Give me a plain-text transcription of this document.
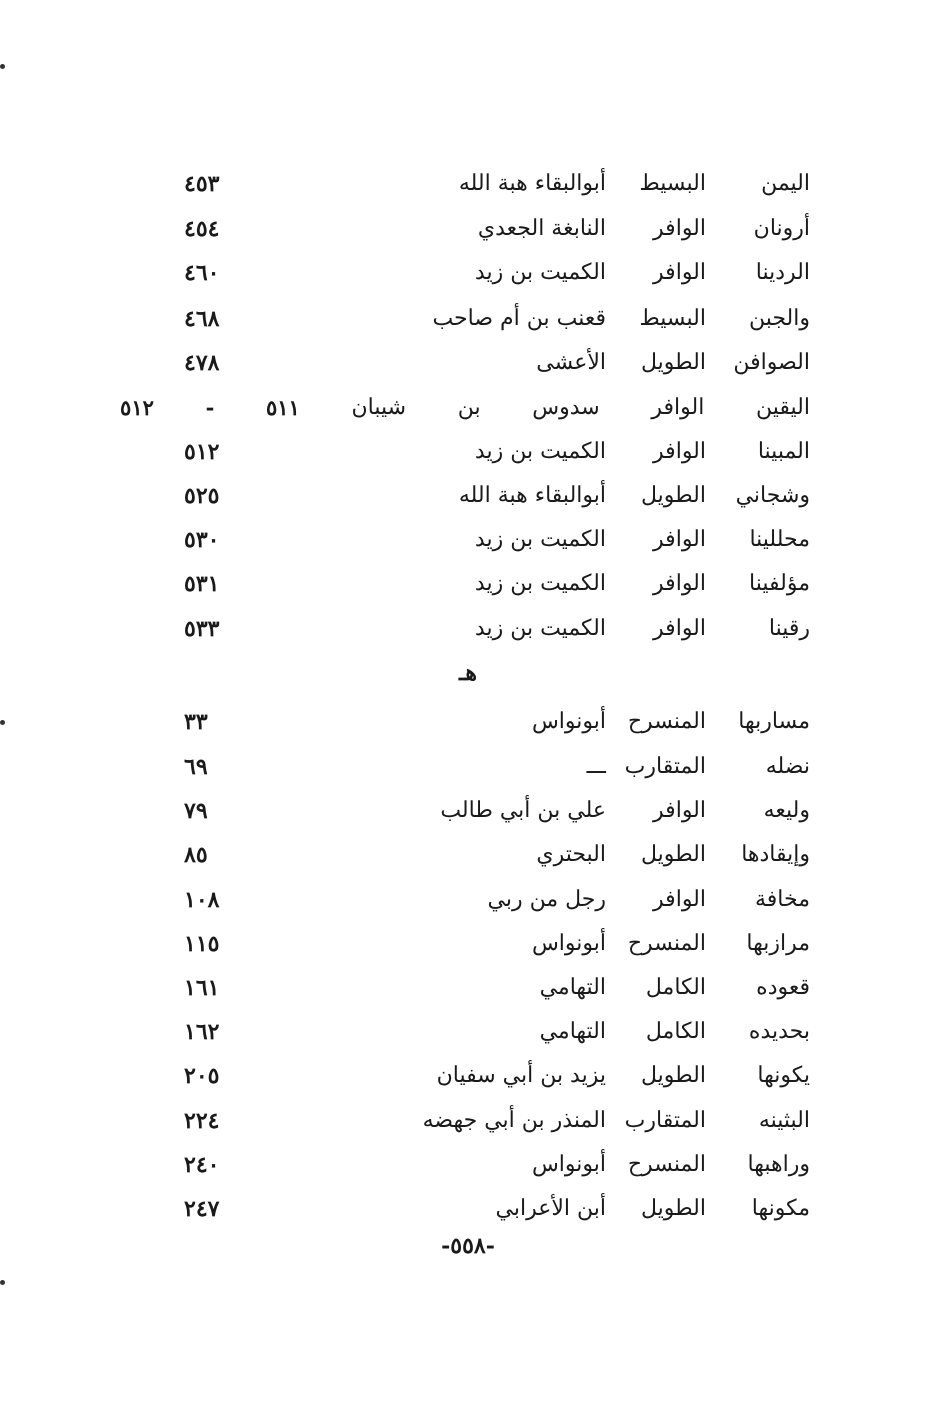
اليمن
البسيط
أبوالبقاء هبة الله
٤٥٣
أرونان
الوافر
النابغة الجعدي
٤٥٤
الردينا
الوافر
الكميت بن زيد
٤٦٠
والجبن
البسيط
قعنب بن أم صاحب
٤٦٨
الصوافن
الطويل
الأعشى
٤٧٨
اليقين
الوافر
سدوس
بن
شيبان
٥١١
-
٥١٢
المبينا
الوافر
الكميت بن زيد
٥١٢
وشجاني
الطويل
أبوالبقاء هبة الله
٥٢٥
محللينا
الوافر
الكميت بن زيد
٥٣٠
مؤلفينا
الوافر
الكميت بن زيد
٥٣١
رقينا
الوافر
الكميت بن زيد
٥٣٣
هـ
مساربها
المنسرح
أبونواس
٣٣
نضله
المتقارب
ـــ
٦٩
وليعه
الوافر
علي بن أبي طالب
٧٩
وإيقادها
الطويل
البحتري
٨٥
مخافة
الوافر
رجل من ربي
١٠٨
مرازبها
المنسرح
أبونواس
١١٥
قعوده
الكامل
التهامي
١٦١
بحديده
الكامل
التهامي
١٦٢
يكونها
الطويل
يزيد بن أبي سفيان
٢٠٥
البثينه
المتقارب
المنذر بن أبي جهضه
٢٢٤
وراهبها
المنسرح
أبونواس
٢٤٠
مكونها
الطويل
أبن الأعرابي
٢٤٧
-٥٥٨-
